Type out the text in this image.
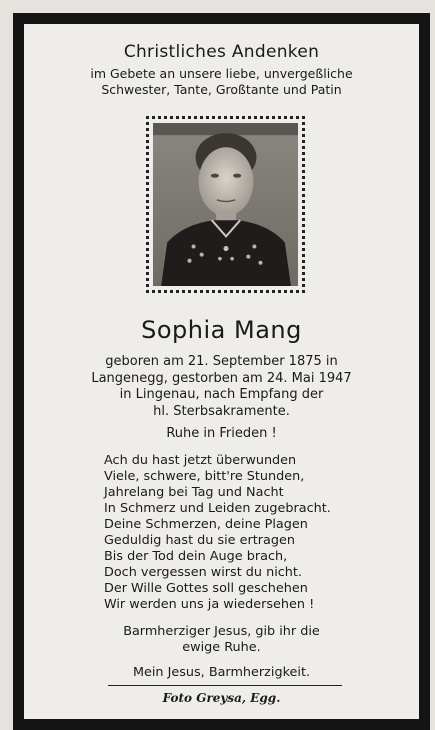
Christliches Andenken
im Gebete an unsere liebe, unvergeßliche
Schwester, Tante, Großtante und Patin
Sophia Mang
geboren am 21. September 1875 in
Langenegg, gestorben am 24. Mai 1947
in Lingenau, nach Empfang der
hl. Sterbsakramente.
Ruhe in Frieden !
Ach du hast jetzt überwunden
Viele, schwere, bitt're Stunden,
Jahrelang bei Tag und Nacht
In Schmerz und Leiden zugebracht.
Deine Schmerzen, deine Plagen
Geduldig hast du sie ertragen
Bis der Tod dein Auge brach,
Doch vergessen wirst du nicht.
Der Wille Gottes soll geschehen
Wir werden uns ja wiedersehen !
Barmherziger Jesus, gib ihr die
ewige Ruhe.
Mein Jesus, Barmherzigkeit.
Foto Greysa, Egg.
